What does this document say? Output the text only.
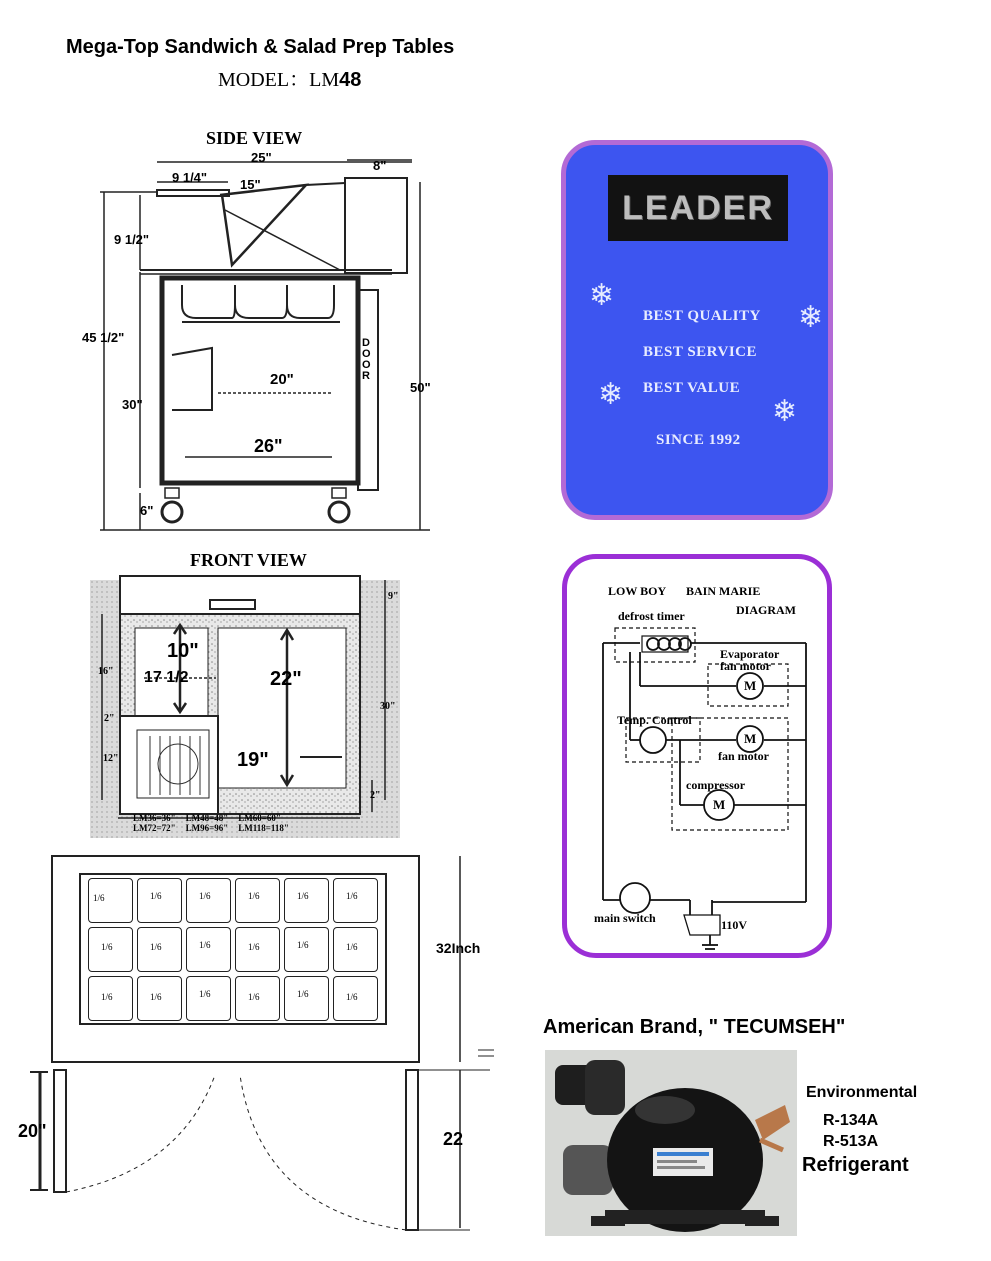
Mega-Top Sandwich & Salad Prep Tables
MODEL：LM48
SIDE VIEW
25"
9 1/4"	15"
8"
9 1/2"
45 1/2"
30"
6"
20"
26"
50"
DOOR
FRONT VIEW
9"
16"
2"
12"
30"
2"
10"
17 1/2	22"
19"
LM36=36" LM48=48" LM60=60"
LM72=72" LM96=96" LM118=118"
1/6	1/6	1/6	1/6	1/6	1/6
1/6	1/6	1/6	1/6	1/6	1/6
1/6	1/6	1/6	1/6	1/6	1/6
32Inch
20"	22
LEADER
BEST QUALITY
BEST SERVICE
BEST VALUE
SINCE 1992
❄
❄
❄
❄
LOW BOY BAIN MARIE
DIAGRAM
defrost timer
Evaporator
fan motor
Temp. Control
fan motor
compressor
M
M
M
main switch	110V
American Brand, " TECUMSEH"
Environmental
R-134A
R-513A
Refrigerant
